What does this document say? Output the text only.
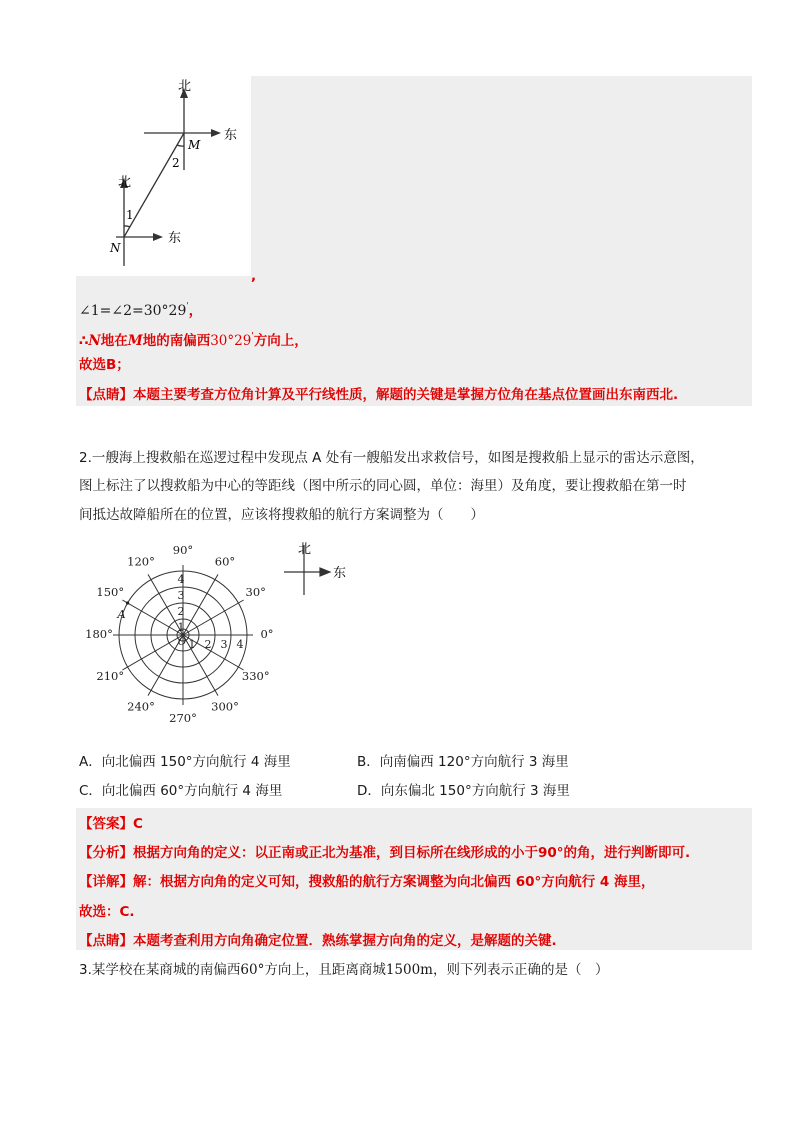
北
东
M
2
北
东
N
1
,
∠1=∠2=30°29'，
∴N地在M地的南偏西30°29'方向上，
故选B；
【点睛】本题主要考查方位角计算及平行线性质，解题的关键是掌握方位角在基点位置画出东南西北.
2.一艘海上搜救船在巡逻过程中发现点 A 处有一艘船发出求救信号，如图是搜救船上显示的雷达示意图，
图上标注了以搜救船为中心的等距线（图中所示的同心圆，单位：海里）及角度，要让搜救船在第一时
间抵达故障船所在的位置，应该将搜救船的航行方案调整为（　　）
0°
30°
60°
90°
120°
150°
180°
210°
240°
270°
300°
330°
1
1
2
2
3
3
4
4
O
A
北
东
A．向北偏西 150°方向航行 4 海里	B．向南偏西 120°方向航行 3 海里
C．向北偏西 60°方向航行 4 海里	D．向东偏北 150°方向航行 3 海里
【答案】C
【分析】根据方向角的定义：以正南或正北为基准，到目标所在线形成的小于90°的角，进行判断即可.
【详解】解：根据方向角的定义可知，搜救船的航行方案调整为向北偏西 60°方向航行 4 海里，
故选：C.
【点睛】本题考查利用方向角确定位置．熟练掌握方向角的定义，是解题的关键.
3.某学校在某商城的南偏西60°方向上，且距离商城1500m，则下列表示正确的是（　）
